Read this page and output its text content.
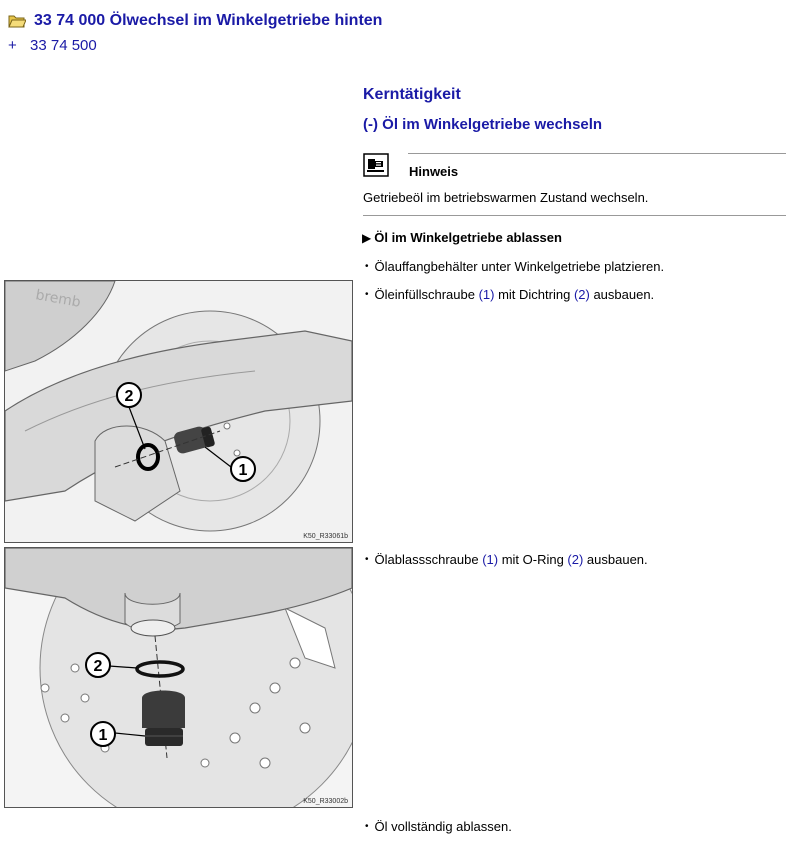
33 74 000 Ölwechsel im Winkelgetriebe hinten
+ 33 74 500
Kerntätigkeit
(-) Öl im Winkelgetriebe wechseln
Hinweis
Getriebeöl im betriebswarmen Zustand wechseln.
▶ Öl im Winkelgetriebe ablassen
• Ölauffangbehälter unter Winkelgetriebe platzieren.
• Öleinfüllschraube (1) mit Dichtring (2) ausbauen.
• Ölablassschraube (1) mit O-Ring (2) ausbauen.
• Öl vollständig ablassen.
bremb
2
1
K50_R33061b
2
1
K50_R33002b
